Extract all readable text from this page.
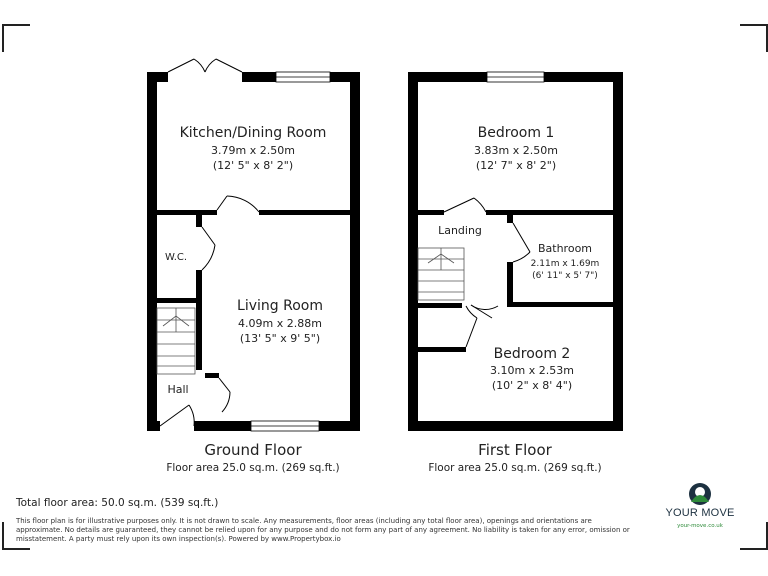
Kitchen/Dining Room
3.79m x 2.50m
(12' 5" x 8' 2")
W.C.
Living Room
4.09m x 2.88m
(13' 5" x 9' 5")
Hall
Bedroom 1
3.83m x 2.50m
(12' 7" x 8' 2")
Landing
Bathroom
2.11m x 1.69m
(6' 11" x 5' 7")
Bedroom 2
3.10m x 2.53m
(10' 2" x 8' 4")
Ground Floor
Floor area 25.0 sq.m. (269 sq.ft.)
First Floor
Floor area 25.0 sq.m. (269 sq.ft.)
Total floor area: 50.0 sq.m. (539 sq.ft.)
This floor plan is for illustrative purposes only. It is not drawn to scale. Any measurements, floor areas (including any total floor area), openings and orientations are approximate. No details are guaranteed, they cannot be relied upon for any purpose and do not form any part of any agreement. No liability is taken for any error, omission or misstatement. A party must rely upon its own inspection(s). Powered by www.Propertybox.io
YOUR MOVE
your-move.co.uk
